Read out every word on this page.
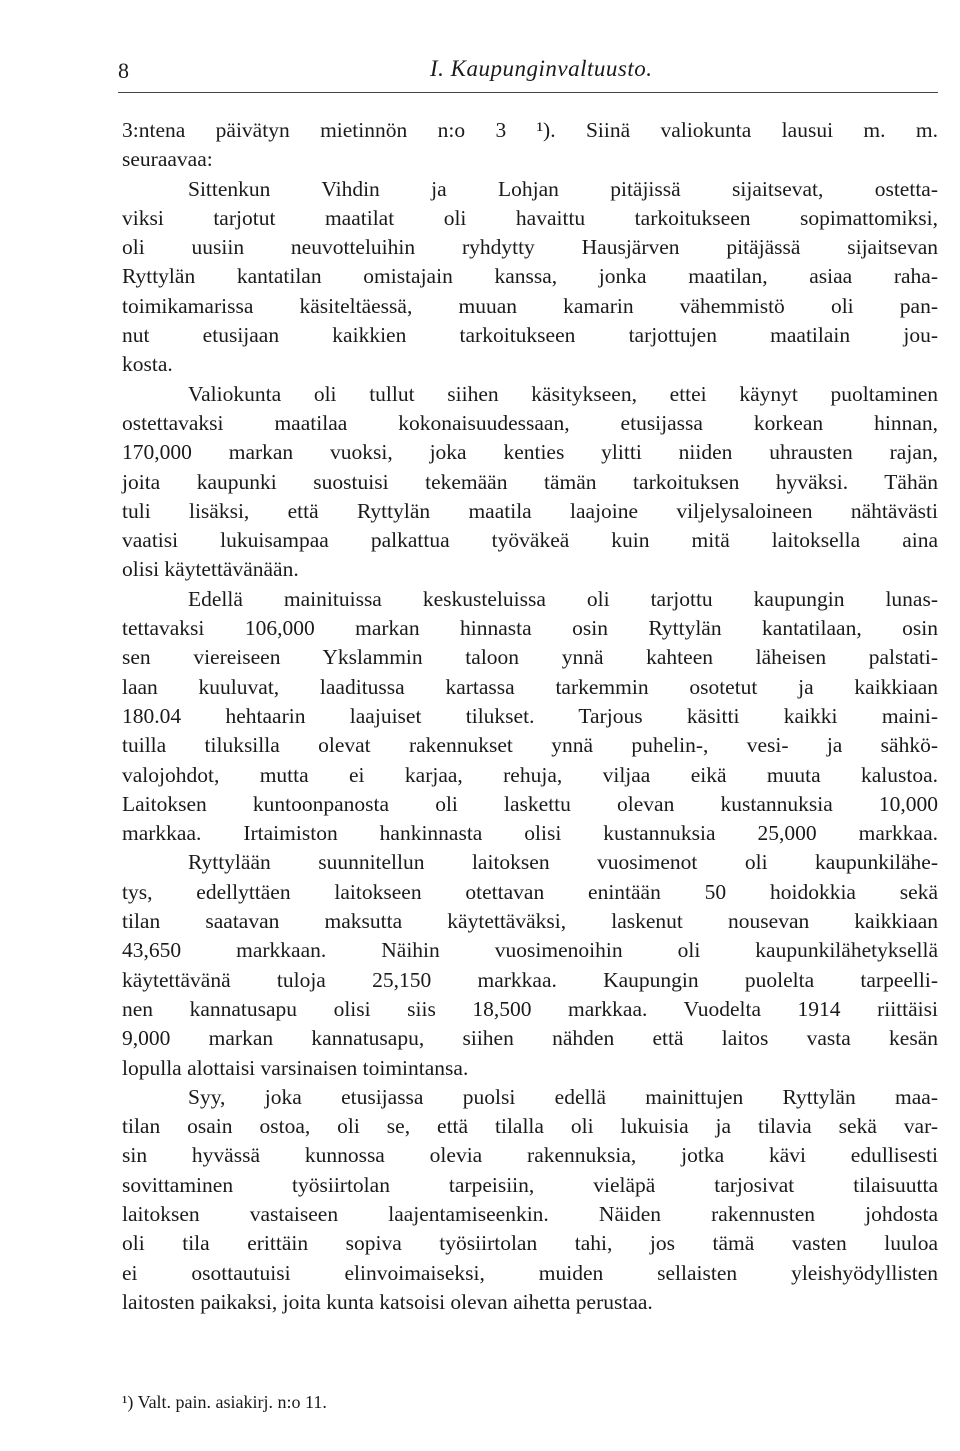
8	I. Kaupunginvaltuusto.
3:ntena päivätyn mietinnön n:o 3 ¹). Siinä valiokunta lausui m. m.
seuraavaa:
Sittenkun Vihdin ja Lohjan pitäjissä sijaitsevat, ostetta-
viksi tarjotut maatilat oli havaittu tarkoitukseen sopimattomiksi,
oli uusiin neuvotteluihin ryhdytty Hausjärven pitäjässä sijaitsevan
Ryttylän kantatilan omistajain kanssa, jonka maatilan, asiaa raha-
toimikamarissa käsiteltäessä, muuan kamarin vähemmistö oli pan-
nut etusijaan kaikkien tarkoitukseen tarjottujen maatilain jou-
kosta.
Valiokunta oli tullut siihen käsitykseen, ettei käynyt puoltaminen
ostettavaksi maatilaa kokonaisuudessaan, etusijassa korkean hinnan,
170,000 markan vuoksi, joka kenties ylitti niiden uhrausten rajan,
joita kaupunki suostuisi tekemään tämän tarkoituksen hyväksi. Tähän
tuli lisäksi, että Ryttylän maatila laajoine viljelysaloineen nähtävästi
vaatisi lukuisampaa palkattua työväkeä kuin mitä laitoksella aina
olisi käytettävänään.
Edellä mainituissa keskusteluissa oli tarjottu kaupungin lunas-
tettavaksi 106,000 markan hinnasta osin Ryttylän kantatilaan, osin
sen viereiseen Ykslammin taloon ynnä kahteen läheisen palstati-
laan kuuluvat, laaditussa kartassa tarkemmin osotetut ja kaikkiaan
180.04 hehtaarin laajuiset tilukset. Tarjous käsitti kaikki maini-
tuilla tiluksilla olevat rakennukset ynnä puhelin-, vesi- ja sähkö-
valojohdot, mutta ei karjaa, rehuja, viljaa eikä muuta kalustoa.
Laitoksen kuntoonpanosta oli laskettu olevan kustannuksia 10,000
markkaa. Irtaimiston hankinnasta olisi kustannuksia 25,000 markkaa.
Ryttylään suunnitellun laitoksen vuosimenot oli kaupunkilähe-
tys, edellyttäen laitokseen otettavan enintään 50 hoidokkia sekä
tilan saatavan maksutta käytettäväksi, laskenut nousevan kaikkiaan
43,650 markkaan. Näihin vuosimenoihin oli kaupunkilähetyksellä
käytettävänä tuloja 25,150 markkaa. Kaupungin puolelta tarpeelli-
nen kannatusapu olisi siis 18,500 markkaa. Vuodelta 1914 riittäisi
9,000 markan kannatusapu, siihen nähden että laitos vasta kesän
lopulla alottaisi varsinaisen toimintansa.
Syy, joka etusijassa puolsi edellä mainittujen Ryttylän maa-
tilan osain ostoa, oli se, että tilalla oli lukuisia ja tilavia sekä var-
sin hyvässä kunnossa olevia rakennuksia, jotka kävi edullisesti
sovittaminen työsiirtolan tarpeisiin, vieläpä tarjosivat tilaisuutta
laitoksen vastaiseen laajentamiseenkin. Näiden rakennusten johdosta
oli tila erittäin sopiva työsiirtolan tahi, jos tämä vasten luuloa
ei osottautuisi elinvoimaiseksi, muiden sellaisten yleishyödyllisten
laitosten paikaksi, joita kunta katsoisi olevan aihetta perustaa.
¹) Valt. pain. asiakirj. n:o 11.
